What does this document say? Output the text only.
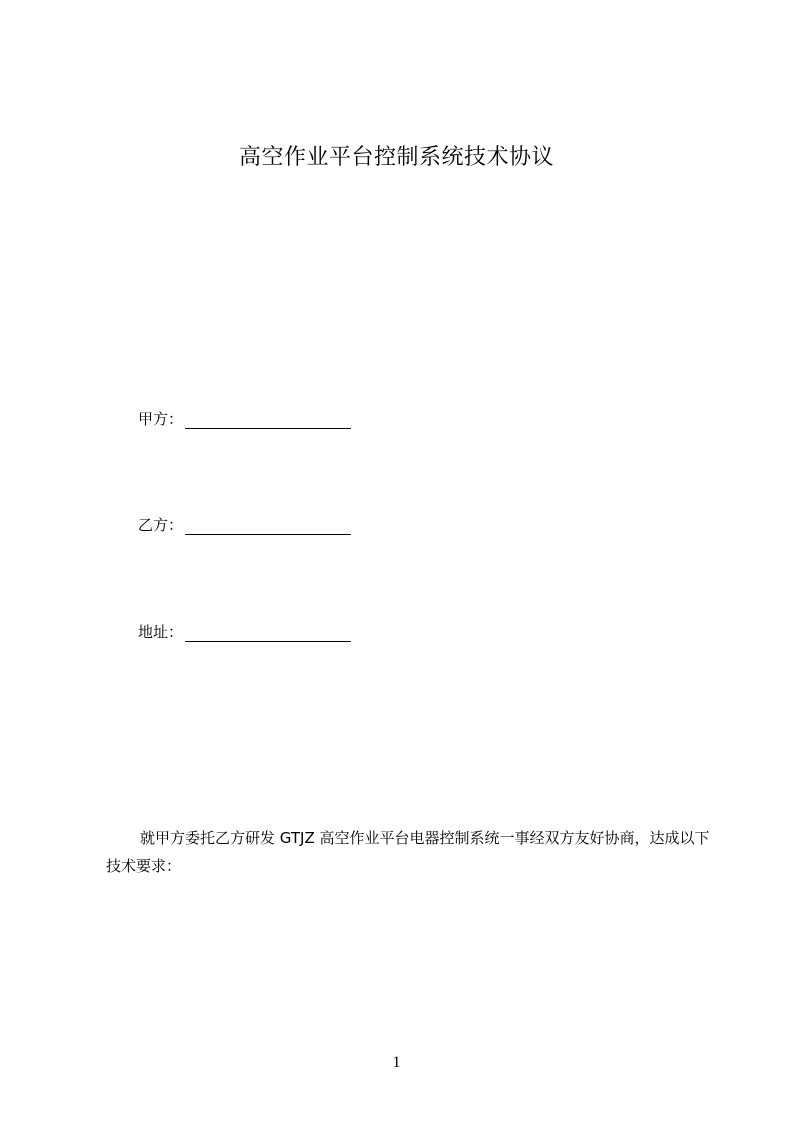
高空作业平台控制系统技术协议
甲方：
乙方：
地址：
就甲方委托乙方研发 GTJZ 高空作业平台电器控制系统一事经双方友好协商，达成以下技术要求：
1
